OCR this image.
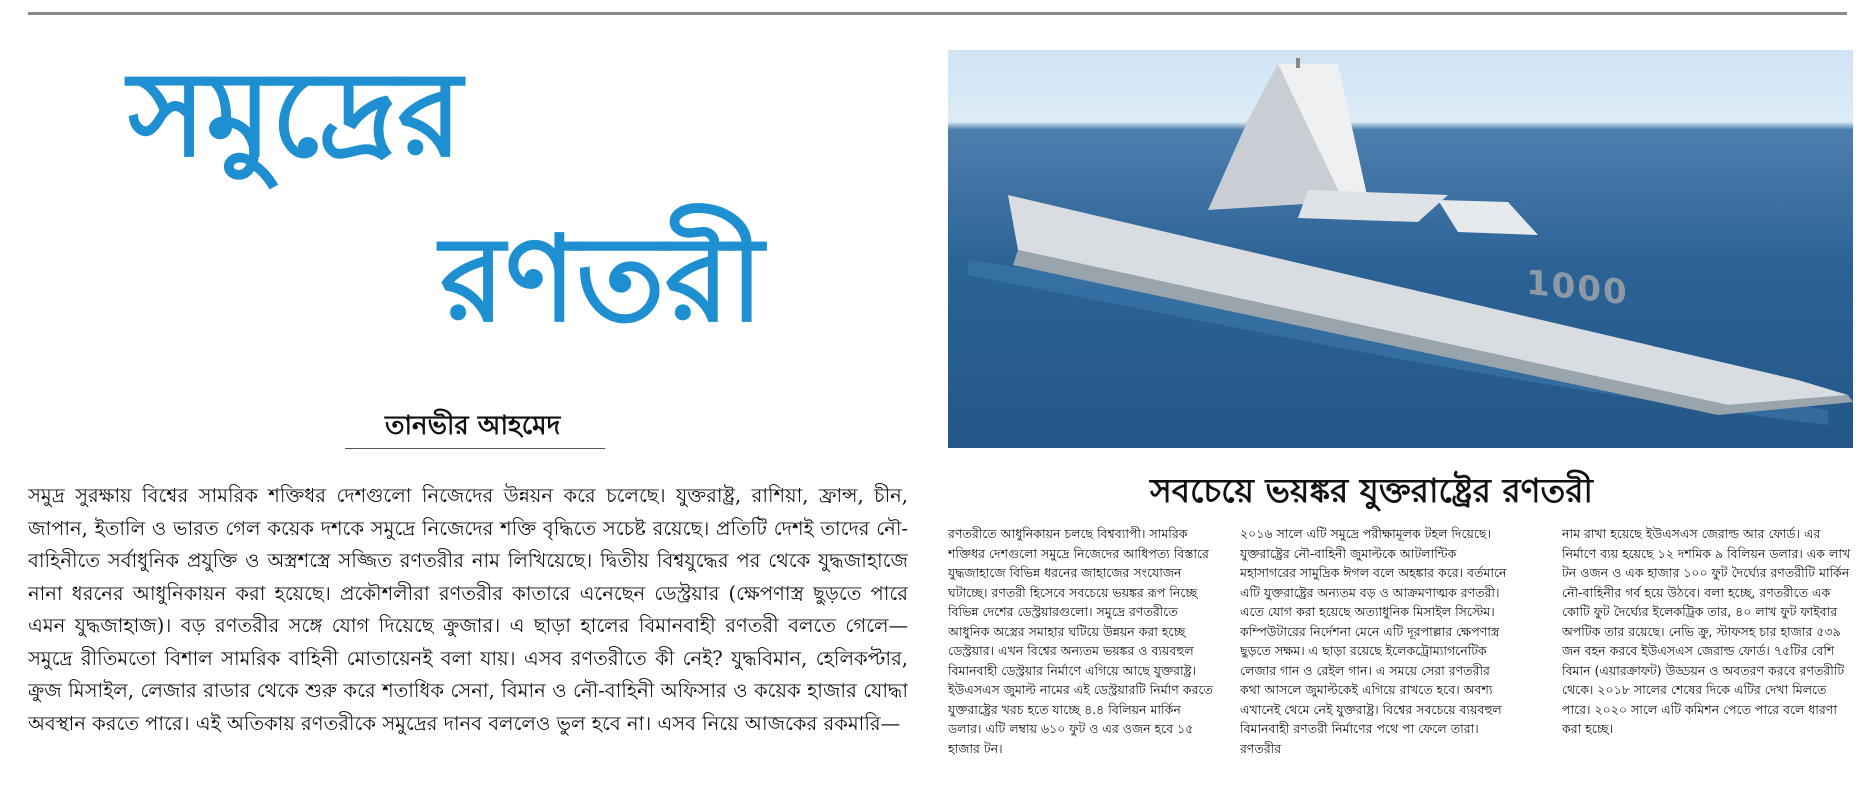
সমুদ্রের
রণতরী
তানভীর আহমেদ
সমুদ্র সুরক্ষায় বিশ্বের সামরিক শক্তিধর দেশগুলো নিজেদের উন্নয়ন করে চলেছে। যুক্তরাষ্ট্র, রাশিয়া, ফ্রান্স, চীন, জাপান, ইতালি ও ভারত গেল কয়েক দশকে সমুদ্রে নিজেদের শক্তি বৃদ্ধিতে সচেষ্ট রয়েছে। প্রতিটি দেশই তাদের নৌ-বাহিনীতে সর্বাধুনিক প্রযুক্তি ও অস্ত্রশস্ত্রে সজ্জিত রণতরীর নাম লিখিয়েছে। দ্বিতীয় বিশ্বযুদ্ধের পর থেকে যুদ্ধজাহাজে নানা ধরনের আধুনিকায়ন করা হয়েছে। প্রকৌশলীরা রণতরীর কাতারে এনেছেন ডেস্ট্রয়ার (ক্ষেপণাস্ত্র ছুড়তে পারে এমন যুদ্ধজাহাজ)। বড় রণতরীর সঙ্গে যোগ দিয়েছে ক্রুজার। এ ছাড়া হালের বিমানবাহী রণতরী বলতে গেলে— সমুদ্রে রীতিমতো বিশাল সামরিক বাহিনী মোতায়েনই বলা যায়। এসব রণতরীতে কী নেই? যুদ্ধবিমান, হেলিকপ্টার, ক্রুজ মিসাইল, লেজার রাডার থেকে শুরু করে শতাধিক সেনা, বিমান ও নৌ-বাহিনী অফিসার ও কয়েক হাজার যোদ্ধা অবস্থান করতে পারে। এই অতিকায় রণতরীকে সমুদ্রের দানব বললেও ভুল হবে না। এসব নিয়ে আজকের রকমারি—
1000
সবচেয়ে ভয়ঙ্কর যুক্তরাষ্ট্রের রণতরী
রণতরীতে আধুনিকায়ন চলছে বিশ্বব্যাপী। সামরিক শক্তিধর দেশগুলো সমুদ্রে নিজেদের আধিপত্য বিস্তারে যুদ্ধজাহাজে বিভিন্ন ধরনের জাহাজের সংযোজন ঘটাচ্ছে। রণতরী হিসেবে সবচেয়ে ভয়ঙ্কর রূপ নিচ্ছে বিভিন্ন দেশের ডেস্ট্রয়ারগুলো। সমুদ্রে রণতরীতে আধুনিক অস্ত্রের সমাহার ঘটিয়ে উন্নয়ন করা হচ্ছে ডেস্ট্রয়ার। এখন বিশ্বের অন্যতম ভয়ঙ্কর ও ব্যয়বহুল বিমানবাহী ডেস্ট্রয়ার নির্মাণে এগিয়ে আছে যুক্তরাষ্ট্র। ইউএসএস জুমাল্ট নামের এই ডেস্ট্রয়ারটি নির্মাণ করতে যুক্তরাষ্ট্রের খরচ হতে যাচ্ছে ৪.৪ বিলিয়ন মার্কিন ডলার। এটি লম্বায় ৬১০ ফুট ও এর ওজন হবে ১৫ হাজার টন।
২০১৬ সালে এটি সমুদ্রে পরীক্ষামূলক টহল দিয়েছে। যুক্তরাষ্ট্রের নৌ-বাহিনী জুমাল্টকে আটলান্টিক মহাসাগরের সামুদ্রিক ঈগল বলে অহঙ্কার করে। বর্তমানে এটি যুক্তরাষ্ট্রের অন্যতম বড় ও আক্রমণাত্মক রণতরী। এতে যোগ করা হয়েছে অত্যাধুনিক মিসাইল সিস্টেম। কম্পিউটারের নির্দেশনা মেনে এটি দূরপাল্লার ক্ষেপণাস্ত্র ছুড়তে সক্ষম। এ ছাড়া রয়েছে ইলেকট্রোম্যাগনেটিক লেজার গান ও রেইল গান। এ সময়ে সেরা রণতরীর কথা আসলে জুমাল্টকেই এগিয়ে রাখতে হবে। অবশ্য এখানেই থেমে নেই যুক্তরাষ্ট্র। বিশ্বের সবচেয়ে ব্যয়বহুল বিমানবাহী রণতরী নির্মাণের পথে পা ফেলে তারা। রণতরীর
নাম রাখা হয়েছে ইউএসএস জেরাল্ড আর ফোর্ড। এর নির্মাণে ব্যয় হয়েছে ১২ দশমিক ৯ বিলিয়ন ডলার। এক লাখ টন ওজন ও এক হাজার ১০০ ফুট দৈর্ঘ্যের রণতরীটি মার্কিন নৌ-বাহিনীর গর্ব হয়ে উঠবে। বলা হচ্ছে, রণতরীতে এক কোটি ফুট দৈর্ঘ্যের ইলেকট্রিক তার, ৪০ লাখ ফুট ফাইবার অপটিক তার রয়েছে। নেভি ক্রু, স্টাফসহ চার হাজার ৫৩৯ জন বহন করবে ইউএসএস জেরাল্ড ফোর্ড। ৭৫টির বেশি বিমান (এয়ারক্রাফট) উড্ডয়ন ও অবতরণ করবে রণতরীটি থেকে। ২০১৮ সালের শেষের দিকে এটির দেখা মিলতে পারে। ২০২০ সালে এটি কমিশন পেতে পারে বলে ধারণা করা হচ্ছে।
